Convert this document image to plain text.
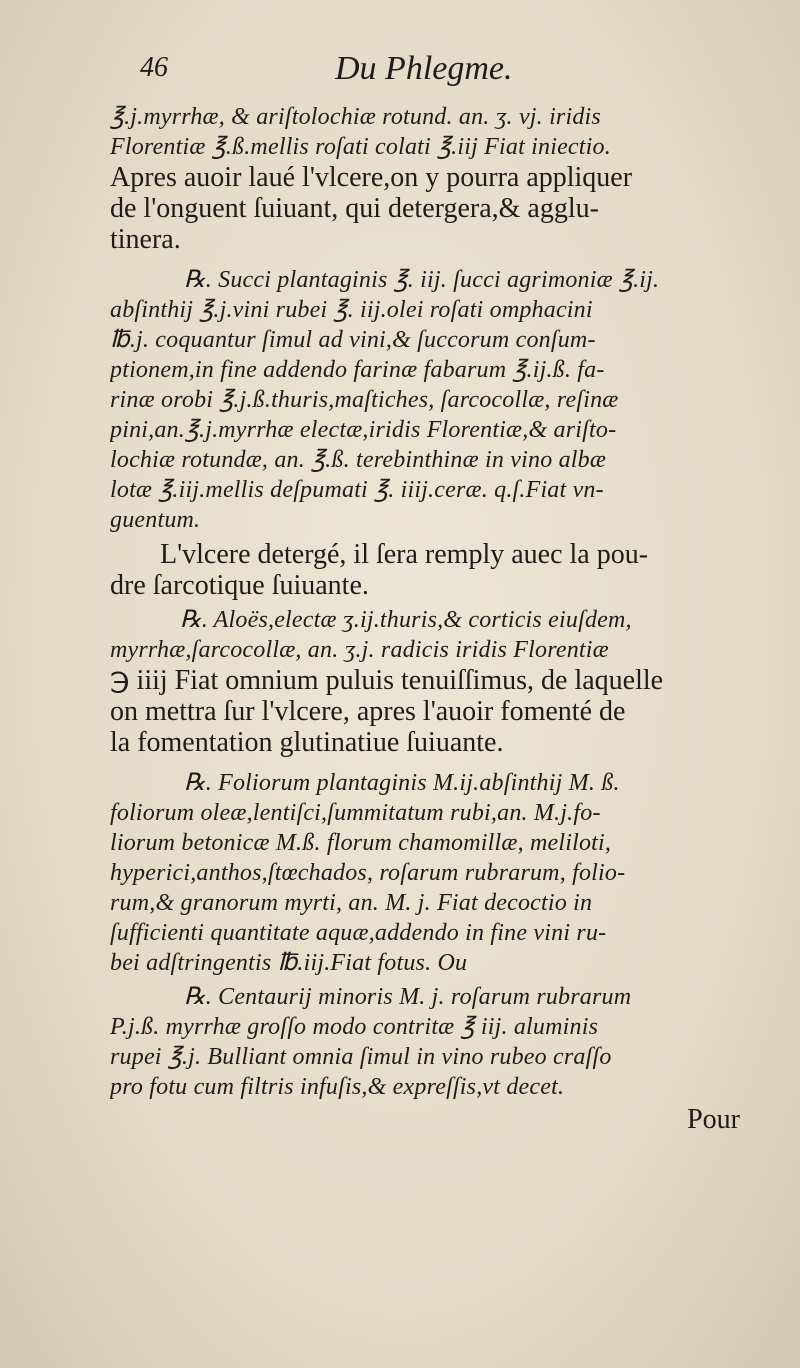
46	Du Phlegme.
℥.j.myrrhæ, & ariſtolochiæ rotund. an. ʒ. vj. iridis
Florentiæ ℥.ß.mellis roſati colati ℥.iij Fiat iniectio.
Apres auoir laué l'vlcere,on y pourra appliquer
de l'onguent ſuiuant, qui detergera,& agglu-
tinera.
℞. Succi plantaginis ℥. iij. ſucci agrimoniæ ℥.ij.
abſinthij ℥.j.vini rubei ℥. iij.olei roſati omphacini
℔.j. coquantur ſimul ad vini,& ſuccorum conſum-
ptionem,in fine addendo farinæ fabarum ℥.ij.ß. fa-
rinæ orobi ℥.j.ß.thuris,maſtiches, ſarcocollæ, reſinæ
pini,an.℥.j.myrrhæ electæ,iridis Florentiæ,& ariſto-
lochiæ rotundæ, an. ℥.ß. terebinthinæ in vino albæ
lotæ ℥.iij.mellis deſpumati ℥. iiij.ceræ. q.ſ.Fiat vn-
guentum.
L'vlcere detergé, il ſera remply auec la pou-
dre ſarcotique ſuiuante.
℞. Aloës,electæ ʒ.ij.thuris,& corticis eiuſdem,
myrrhæ,ſarcocollæ, an. ʒ.j. radicis iridis Florentiæ
℈ iiij Fiat omnium puluis tenuiſſimus, de laquelle
on mettra ſur l'vlcere, apres l'auoir fomenté de
la fomentation glutinatiue ſuiuante.
℞. Foliorum plantaginis M.ij.abſinthij M. ß.
foliorum oleæ,lentiſci,ſummitatum rubi,an. M.j.fo-
liorum betonicæ M.ß. florum chamomillæ, meliloti,
hyperici,anthos,ſtœchados, roſarum rubrarum, folio-
rum,& granorum myrti, an. M. j. Fiat decoctio in
ſufficienti quantitate aquæ,addendo in fine vini ru-
bei adſtringentis ℔.iij.Fiat fotus. Ou
℞. Centaurij minoris M. j. roſarum rubrarum
P.j.ß. myrrhæ groſſo modo contritæ ℥ iij. aluminis
rupei ℥.j. Bulliant omnia ſimul in vino rubeo craſſo
pro fotu cum filtris infuſis,& expreſſis,vt decet.
Pour
